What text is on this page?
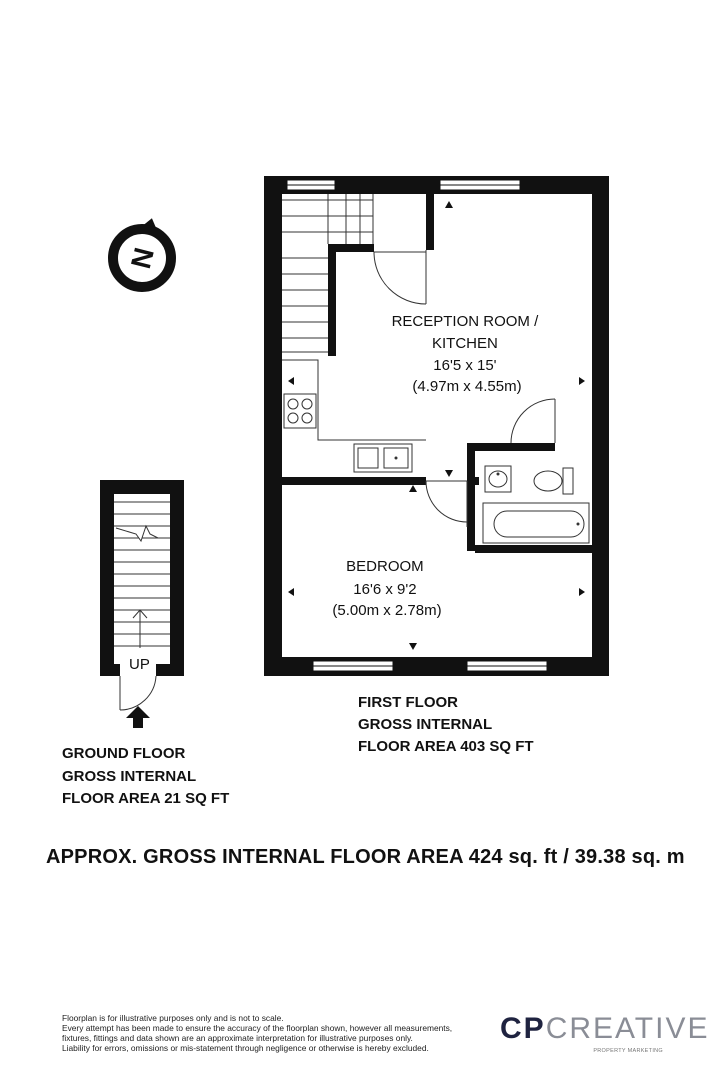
N
UP
GROUND FLOOR GROSS INTERNAL FLOOR AREA 21 SQ FT
RECEPTION ROOM / KITCHEN 16'5 x 15' (4.97m x 4.55m)
BEDROOM 16'6 x 9'2 (5.00m x 2.78m)
FIRST FLOOR GROSS INTERNAL FLOOR AREA 403 SQ FT
APPROX. GROSS INTERNAL FLOOR AREA 424 sq. ft / 39.38 sq. m
Floorplan is for illustrative purposes only and is not to scale.
Every attempt has been made to ensure the accuracy of the floorplan shown, however all measurements,
fixtures, fittings and data shown are an approximate interpretation for illustrative purposes only.
Liability for errors, omissions or mis-statement through negligence or otherwise is hereby excluded.
CPCREATIVE
PROPERTY MARKETING
